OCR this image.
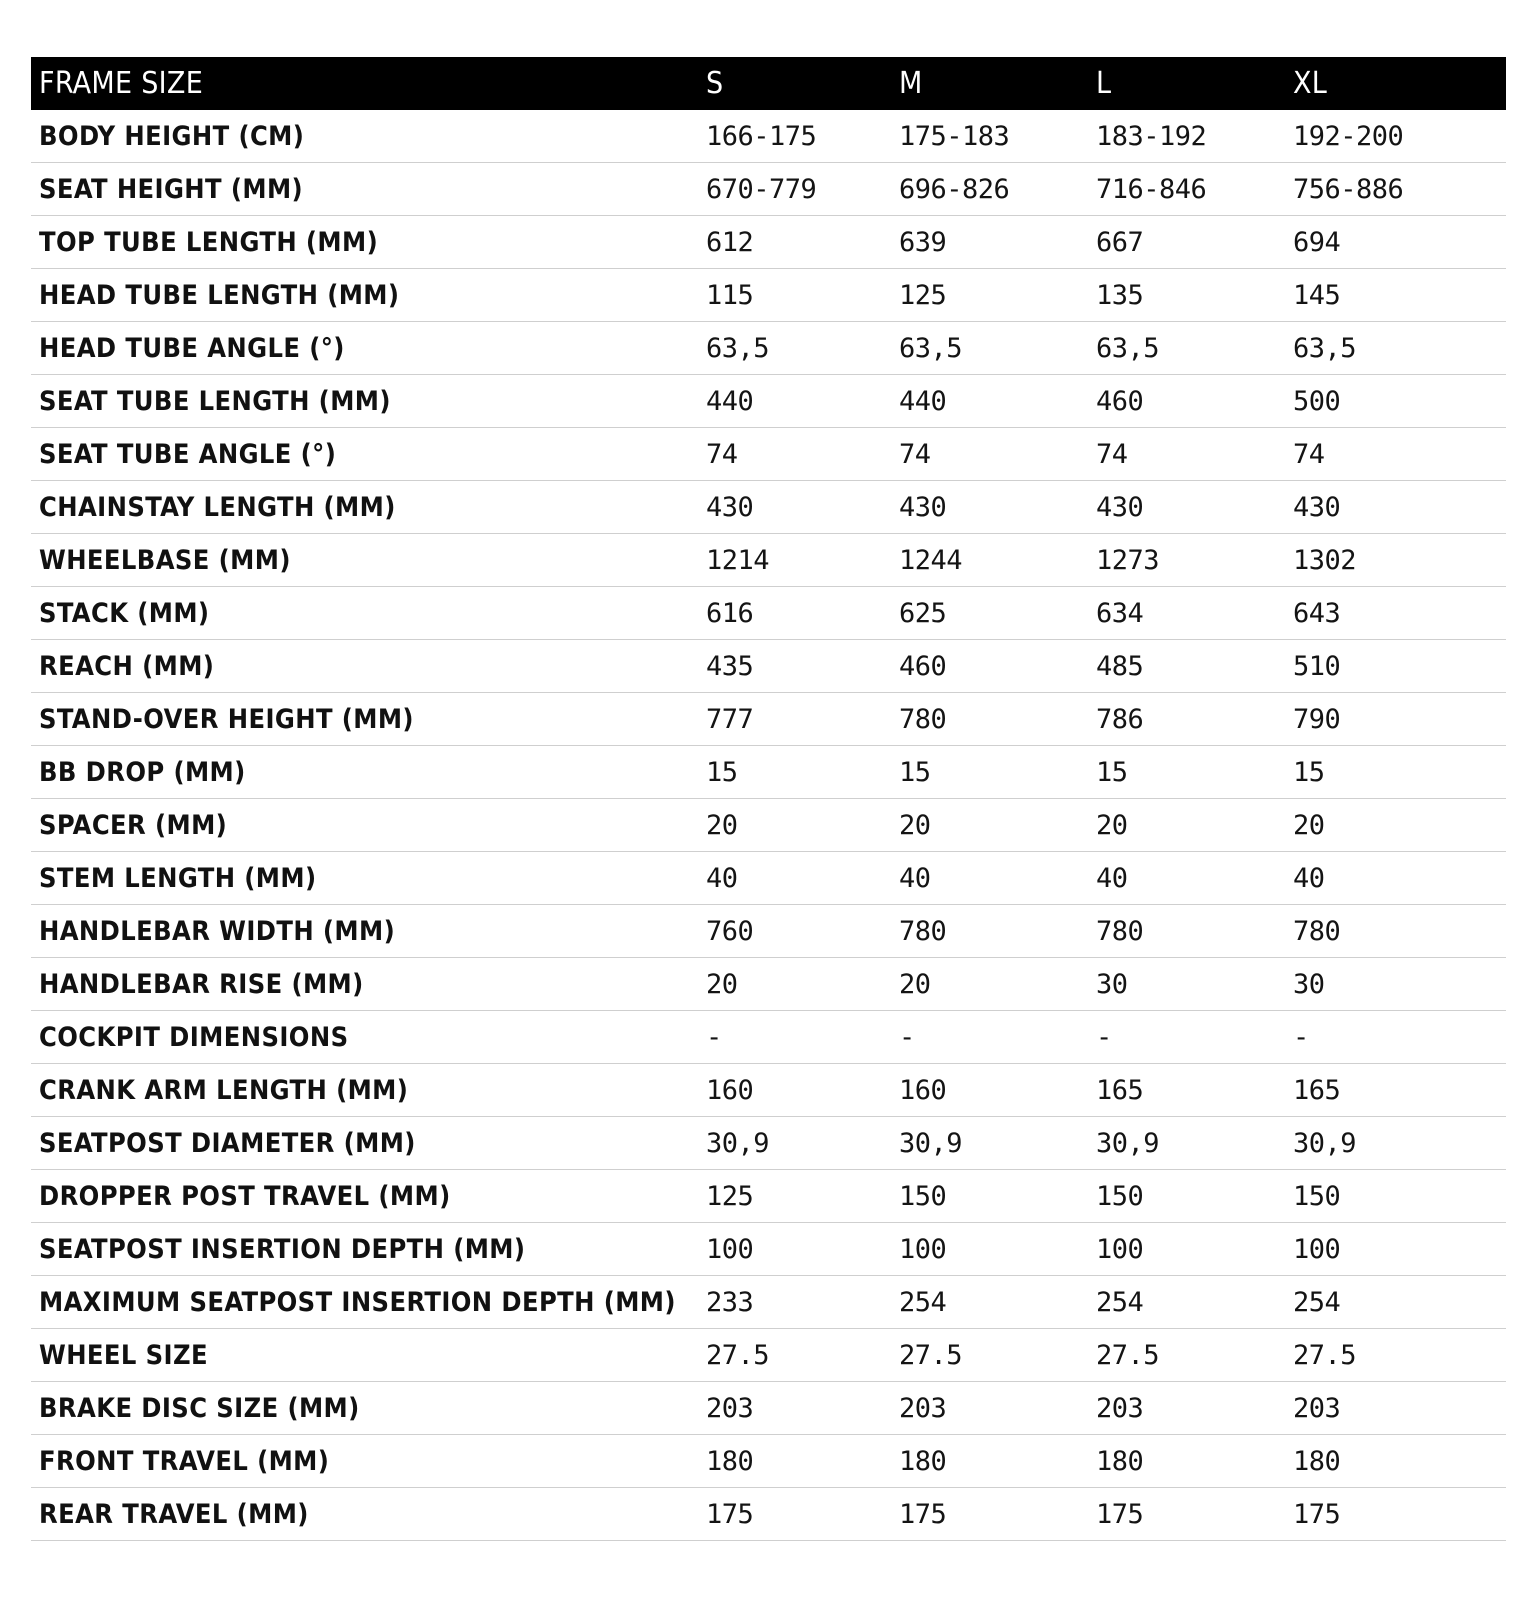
FRAME SIZE	S	M	L	XL
BODY HEIGHT (CM)	166-175	175-183	183-192	192-200
SEAT HEIGHT (MM)	670-779	696-826	716-846	756-886
TOP TUBE LENGTH (MM)	612	639	667	694
HEAD TUBE LENGTH (MM)	115	125	135	145
HEAD TUBE ANGLE (°)	63,5	63,5	63,5	63,5
SEAT TUBE LENGTH (MM)	440	440	460	500
SEAT TUBE ANGLE (°)	74	74	74	74
CHAINSTAY LENGTH (MM)	430	430	430	430
WHEELBASE (MM)	1214	1244	1273	1302
STACK (MM)	616	625	634	643
REACH (MM)	435	460	485	510
STAND-OVER HEIGHT (MM)	777	780	786	790
BB DROP (MM)	15	15	15	15
SPACER (MM)	20	20	20	20
STEM LENGTH (MM)	40	40	40	40
HANDLEBAR WIDTH (MM)	760	780	780	780
HANDLEBAR RISE (MM)	20	20	30	30
COCKPIT DIMENSIONS	-	-	-	-
CRANK ARM LENGTH (MM)	160	160	165	165
SEATPOST DIAMETER (MM)	30,9	30,9	30,9	30,9
DROPPER POST TRAVEL (MM)	125	150	150	150
SEATPOST INSERTION DEPTH (MM)	100	100	100	100
MAXIMUM SEATPOST INSERTION DEPTH (MM)	233	254	254	254
WHEEL SIZE	27.5	27.5	27.5	27.5
BRAKE DISC SIZE (MM)	203	203	203	203
FRONT TRAVEL (MM)	180	180	180	180
REAR TRAVEL (MM)	175	175	175	175
